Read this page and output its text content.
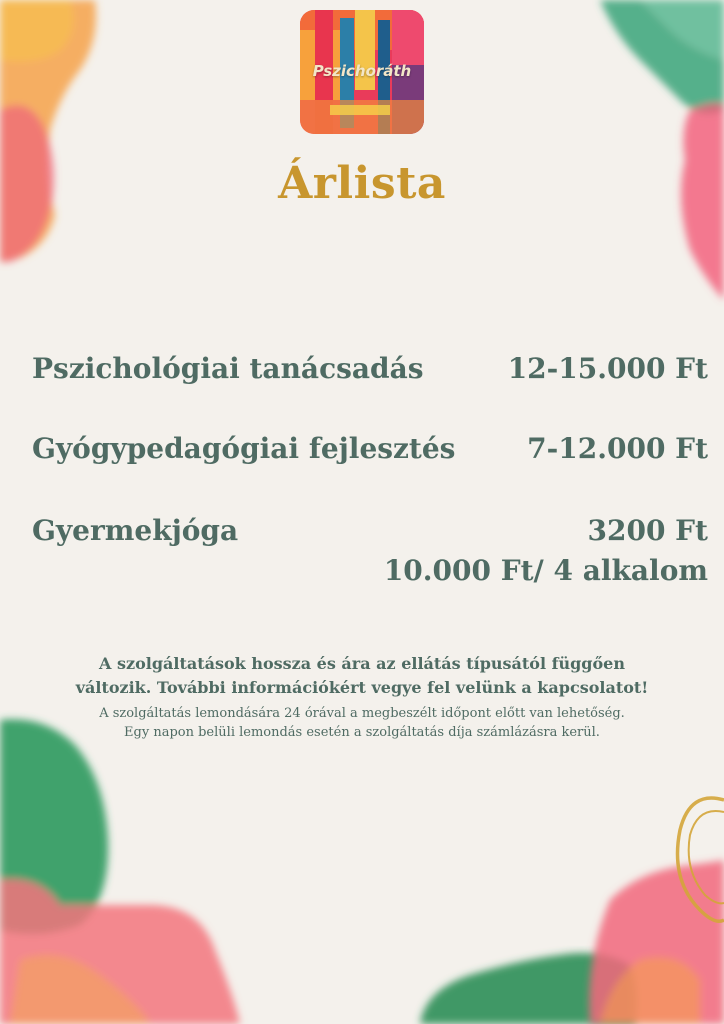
Pszichoráth
Árlista
Pszichológiai tanácsadás	12-15.000 Ft
Gyógypedagógiai fejlesztés	7-12.000 Ft
Gyermekjóga	3200 Ft
10.000 Ft/ 4 alkalom
A szolgáltatások hossza és ára az ellátás típusától függően
változik. További információkért vegye fel velünk a kapcsolatot!
A szolgáltatás lemondására 24 órával a megbeszélt időpont előtt van lehetőség.
Egy napon belüli lemondás esetén a szolgáltatás díja számlázásra kerül.
